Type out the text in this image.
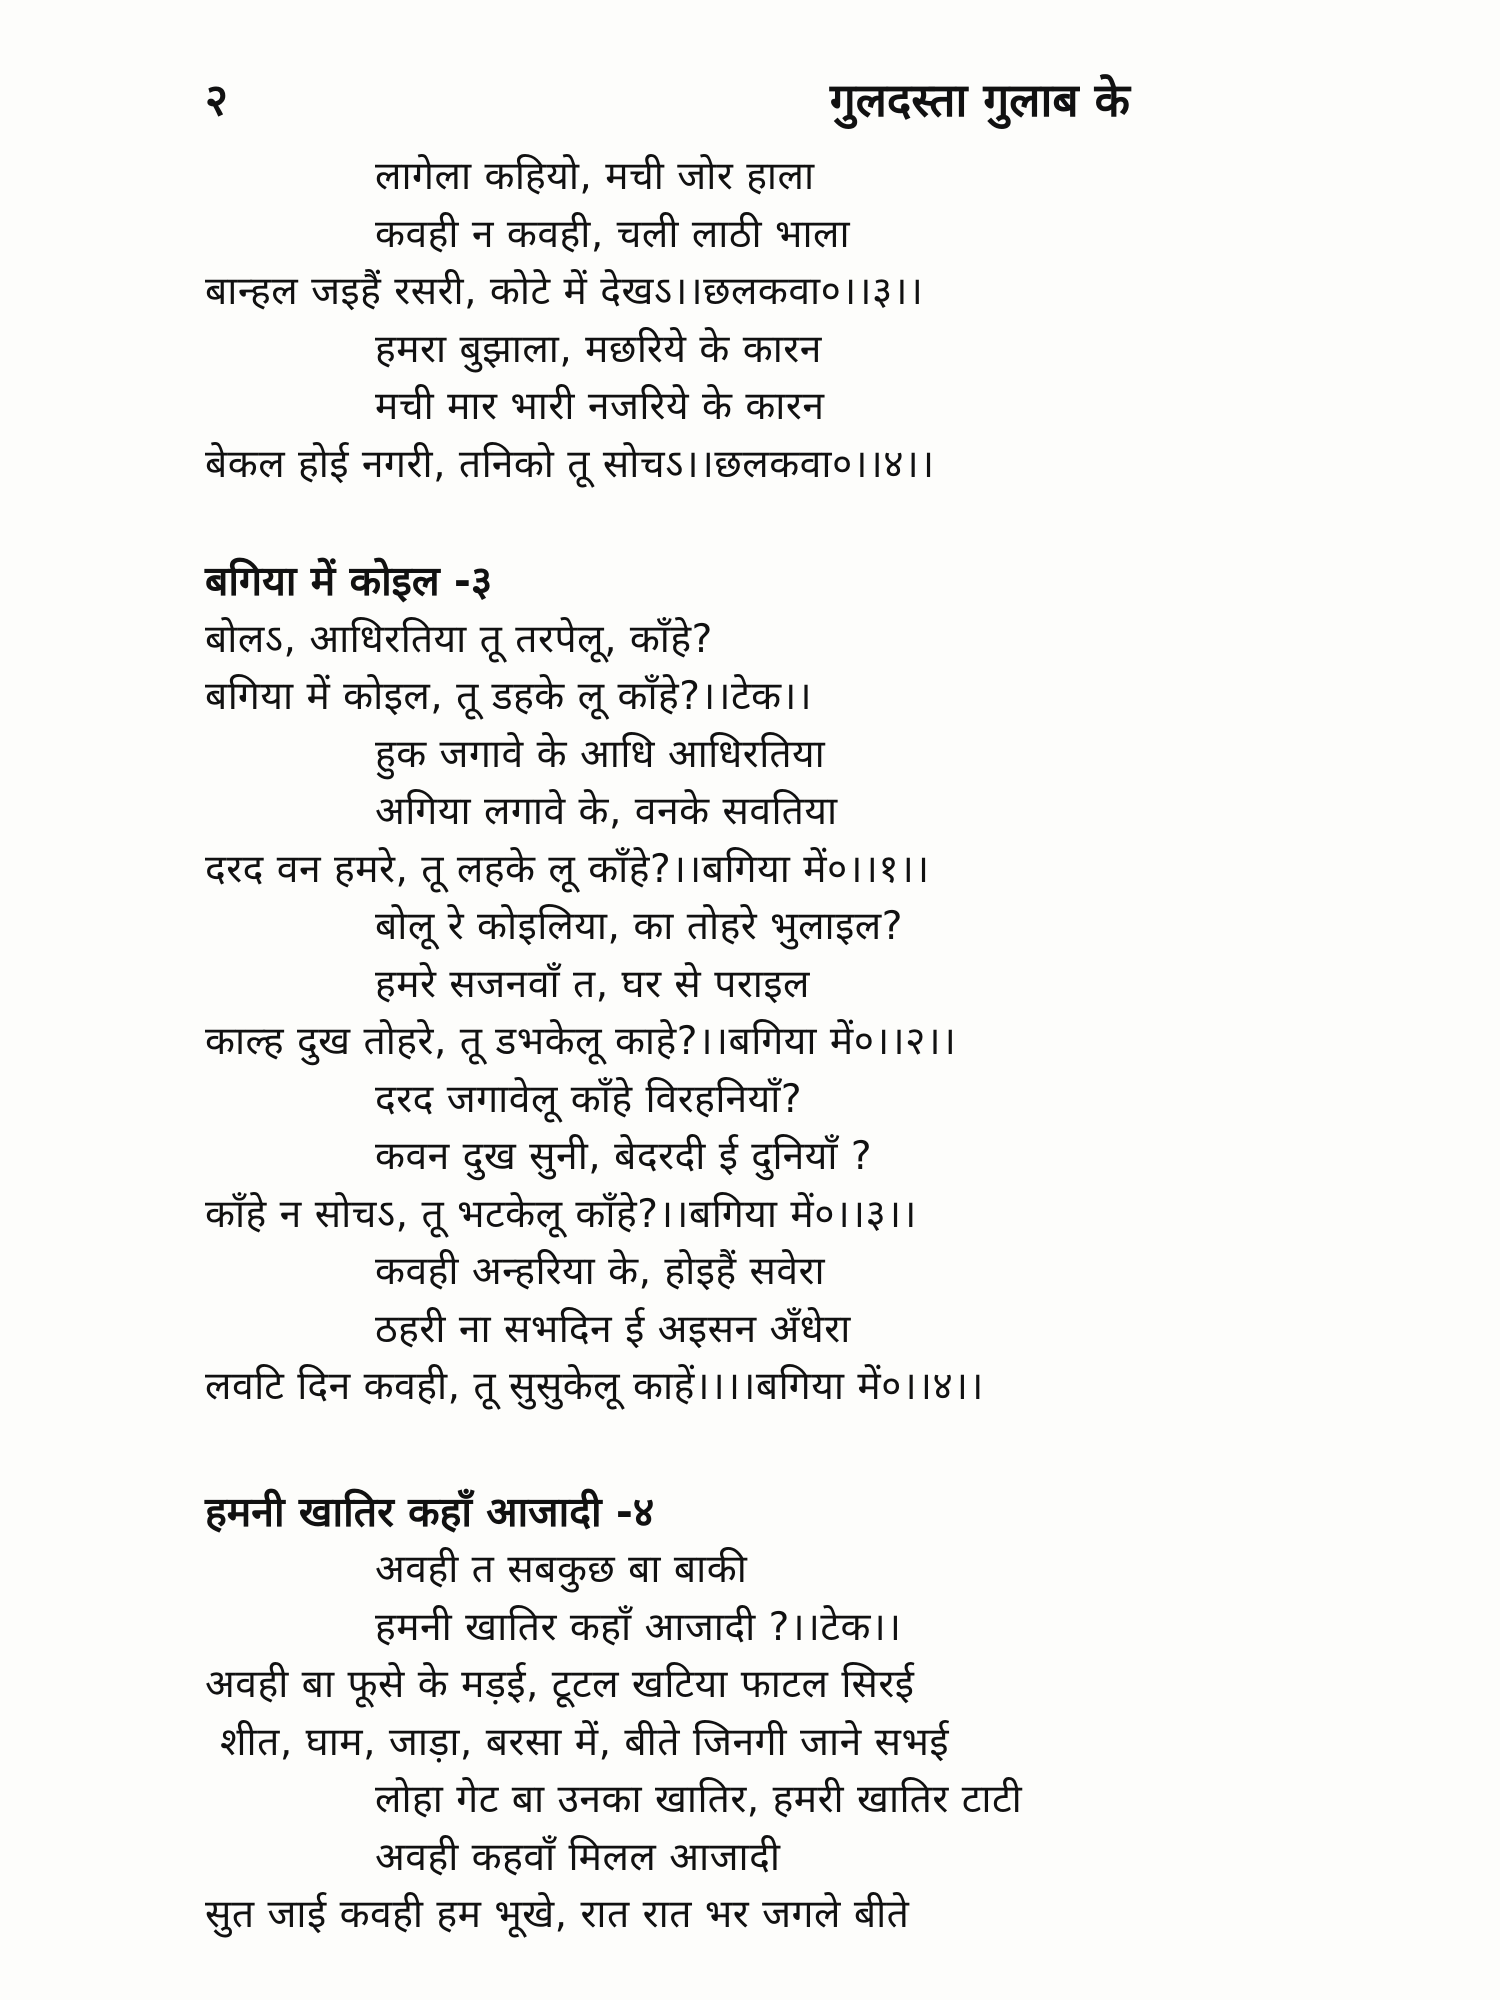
२	गुलदस्ता गुलाब के
लागेला कहियो, मची जोर हाला
कवही न कवही, चली लाठी भाला
बान्हल जइहैं रसरी, कोटे में देखऽ।।छलकवा०।।३।।
हमरा बुझाला, मछरिये के कारन
मची मार भारी नजरिये के कारन
बेकल होई नगरी, तनिको तू सोचऽ।।छलकवा०।।४।।
बगिया में कोइल -३
बोलऽ, आधिरतिया तू तरपेलू, काँहे?
बगिया में कोइल, तू डहके लू काँहे?।।टेक।।
हुक जगावे के आधि आधिरतिया
अगिया लगावे के, वनके सवतिया
दरद वन हमरे, तू लहके लू काँहे?।।बगिया में०।।१।।
बोलू रे कोइलिया, का तोहरे भुलाइल?
हमरे सजनवाँ त, घर से पराइल
काल्ह दुख तोहरे, तू डभकेलू काहे?।।बगिया में०।।२।।
दरद जगावेलू काँहे विरहनियाँ?
कवन दुख सुनी, बेदरदी ई दुनियाँ ?
काँहे न सोचऽ, तू भटकेलू काँहे?।।बगिया में०।।३।।
कवही अन्हरिया के, होइहैं सवेरा
ठहरी ना सभदिन ई अइसन अँधेरा
लवटि दिन कवही, तू सुसुकेलू काहें।।।।बगिया में०।।४।।
हमनी खातिर कहाँ आजादी -४
अवही त सबकुछ बा बाकी
हमनी खातिर कहाँ आजादी ?।।टेक।।
अवही बा फूसे के मड़ई, टूटल खटिया फाटल सिरई
शीत, घाम, जाड़ा, बरसा में, बीते जिनगी जाने सभई
लोहा गेट बा उनका खातिर, हमरी खातिर टाटी
अवही कहवाँ मिलल आजादी
सुत जाई कवही हम भूखे, रात रात भर जगले बीते
